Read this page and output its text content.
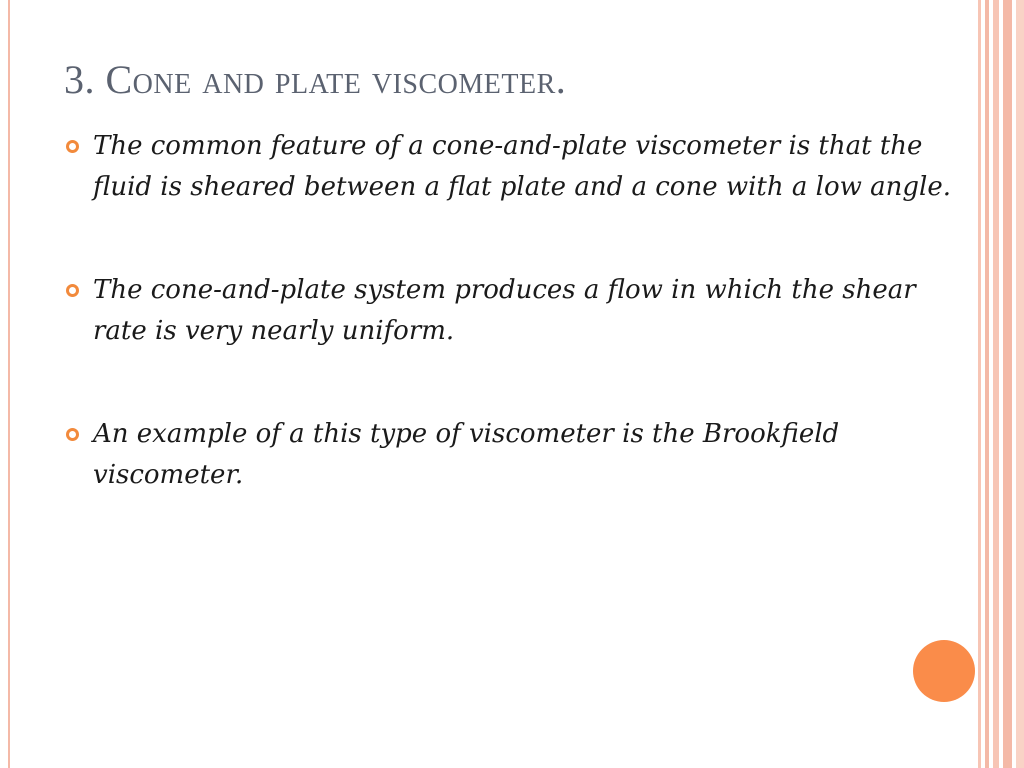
3. Cone and plate viscometer.
The common feature of a cone-and-plate viscometer is that the fluid is sheared between a flat plate and a cone with a low angle.
The cone-and-plate system produces a flow in which the shear rate is very nearly uniform.
An example of a this type of viscometer is the Brookfield viscometer.
